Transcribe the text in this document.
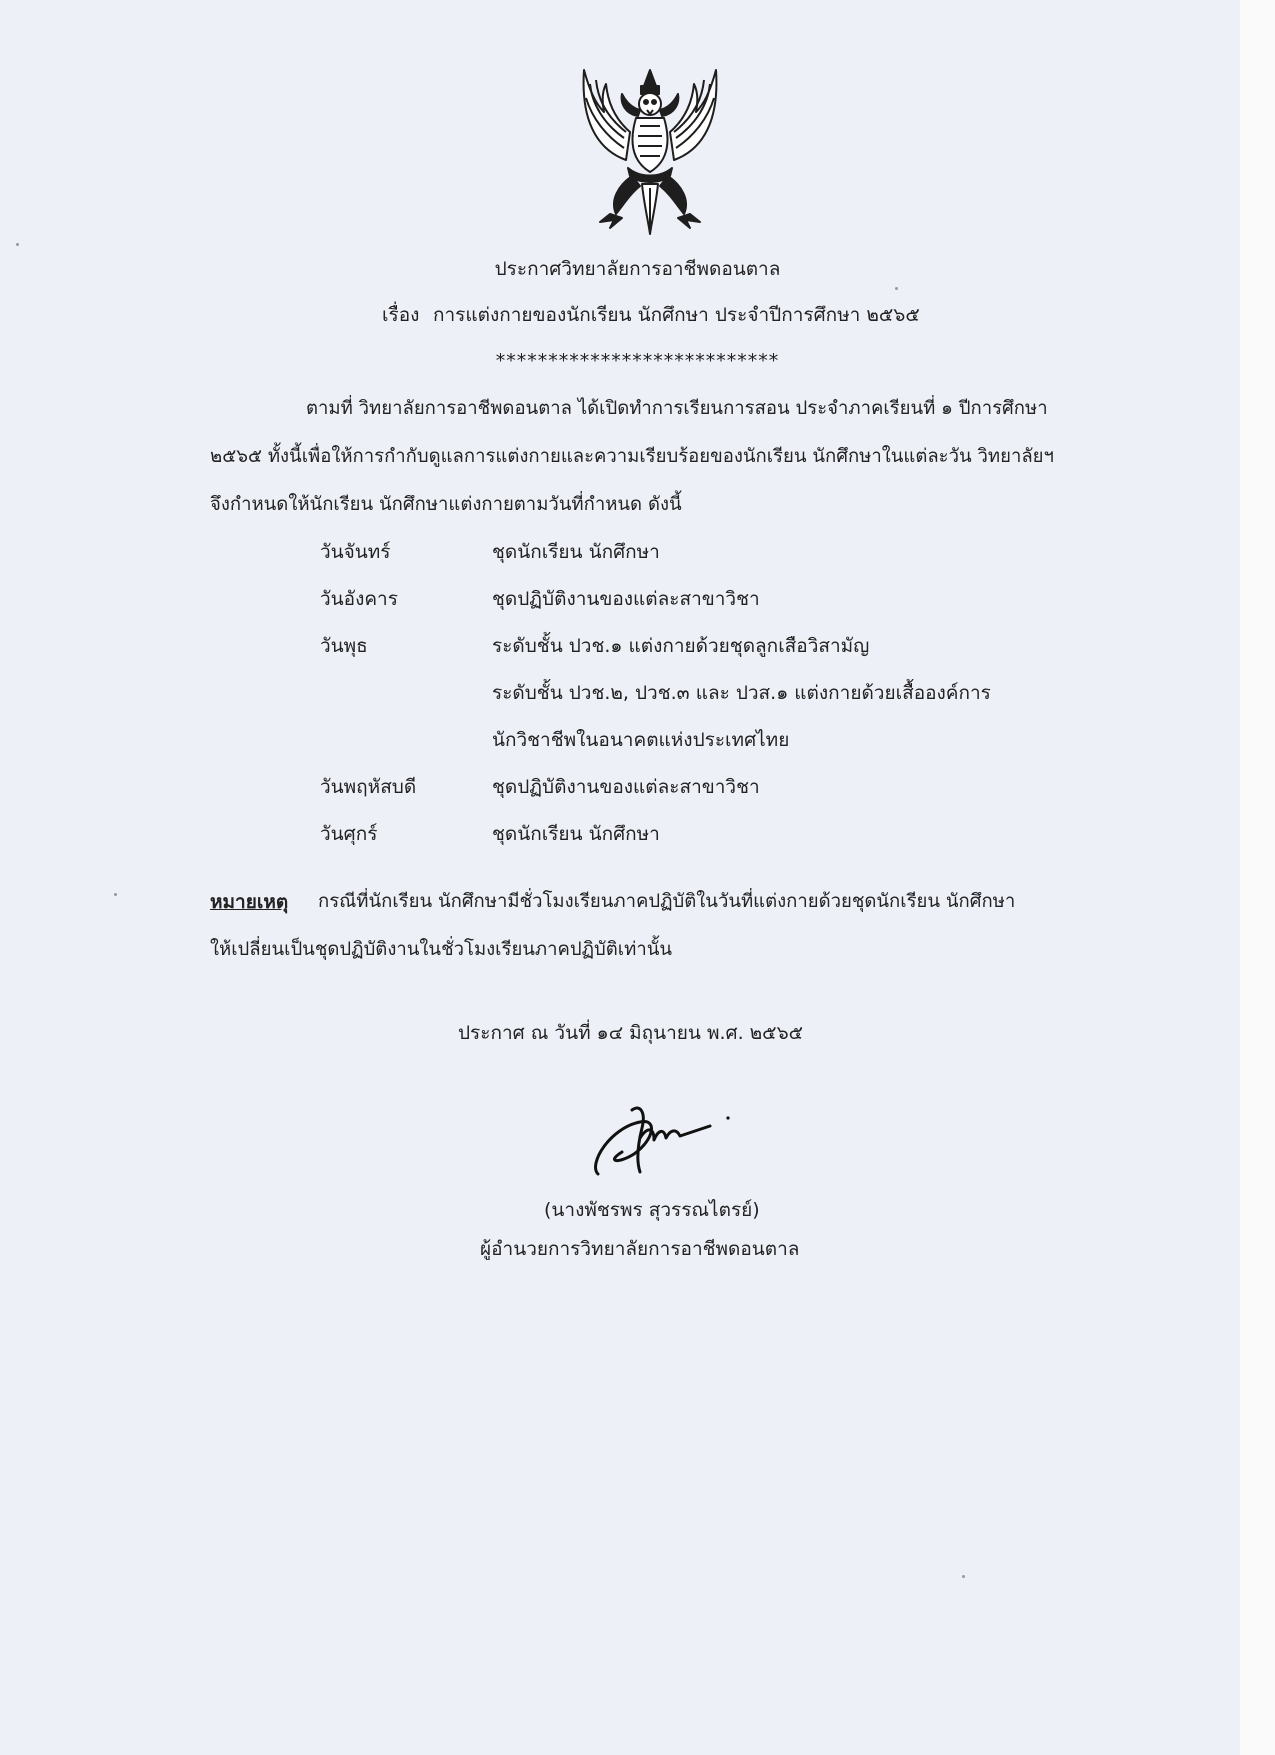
ประกาศวิทยาลัยการอาชีพดอนตาล
เรื่อง การแต่งกายของนักเรียน นักศึกษา ประจำปีการศึกษา ๒๕๖๕
***************************
ตามที่ วิทยาลัยการอาชีพดอนตาล ได้เปิดทำการเรียนการสอน ประจำภาคเรียนที่ ๑ ปีการศึกษา
๒๕๖๕ ทั้งนี้เพื่อให้การกำกับดูแลการแต่งกายและความเรียบร้อยของนักเรียน นักศึกษาในแต่ละวัน วิทยาลัยฯ
จึงกำหนดให้นักเรียน นักศึกษาแต่งกายตามวันที่กำหนด ดังนี้
วันจันทร์	ชุดนักเรียน นักศึกษา
วันอังคาร	ชุดปฏิบัติงานของแต่ละสาขาวิชา
วันพุธ	ระดับชั้น ปวช.๑ แต่งกายด้วยชุดลูกเสือวิสามัญ
ระดับชั้น ปวช.๒, ปวช.๓ และ ปวส.๑ แต่งกายด้วยเสื้อองค์การ
นักวิชาชีพในอนาคตแห่งประเทศไทย
วันพฤหัสบดี	ชุดปฏิบัติงานของแต่ละสาขาวิชา
วันศุกร์	ชุดนักเรียน นักศึกษา
หมายเหตุ กรณีที่นักเรียน นักศึกษามีชั่วโมงเรียนภาคปฏิบัติในวันที่แต่งกายด้วยชุดนักเรียน นักศึกษา
ให้เปลี่ยนเป็นชุดปฏิบัติงานในชั่วโมงเรียนภาคปฏิบัติเท่านั้น
ประกาศ ณ วันที่ ๑๔ มิถุนายน พ.ศ. ๒๕๖๕
(นางพัชรพร สุวรรณไตรย์)
ผู้อำนวยการวิทยาลัยการอาชีพดอนตาล
